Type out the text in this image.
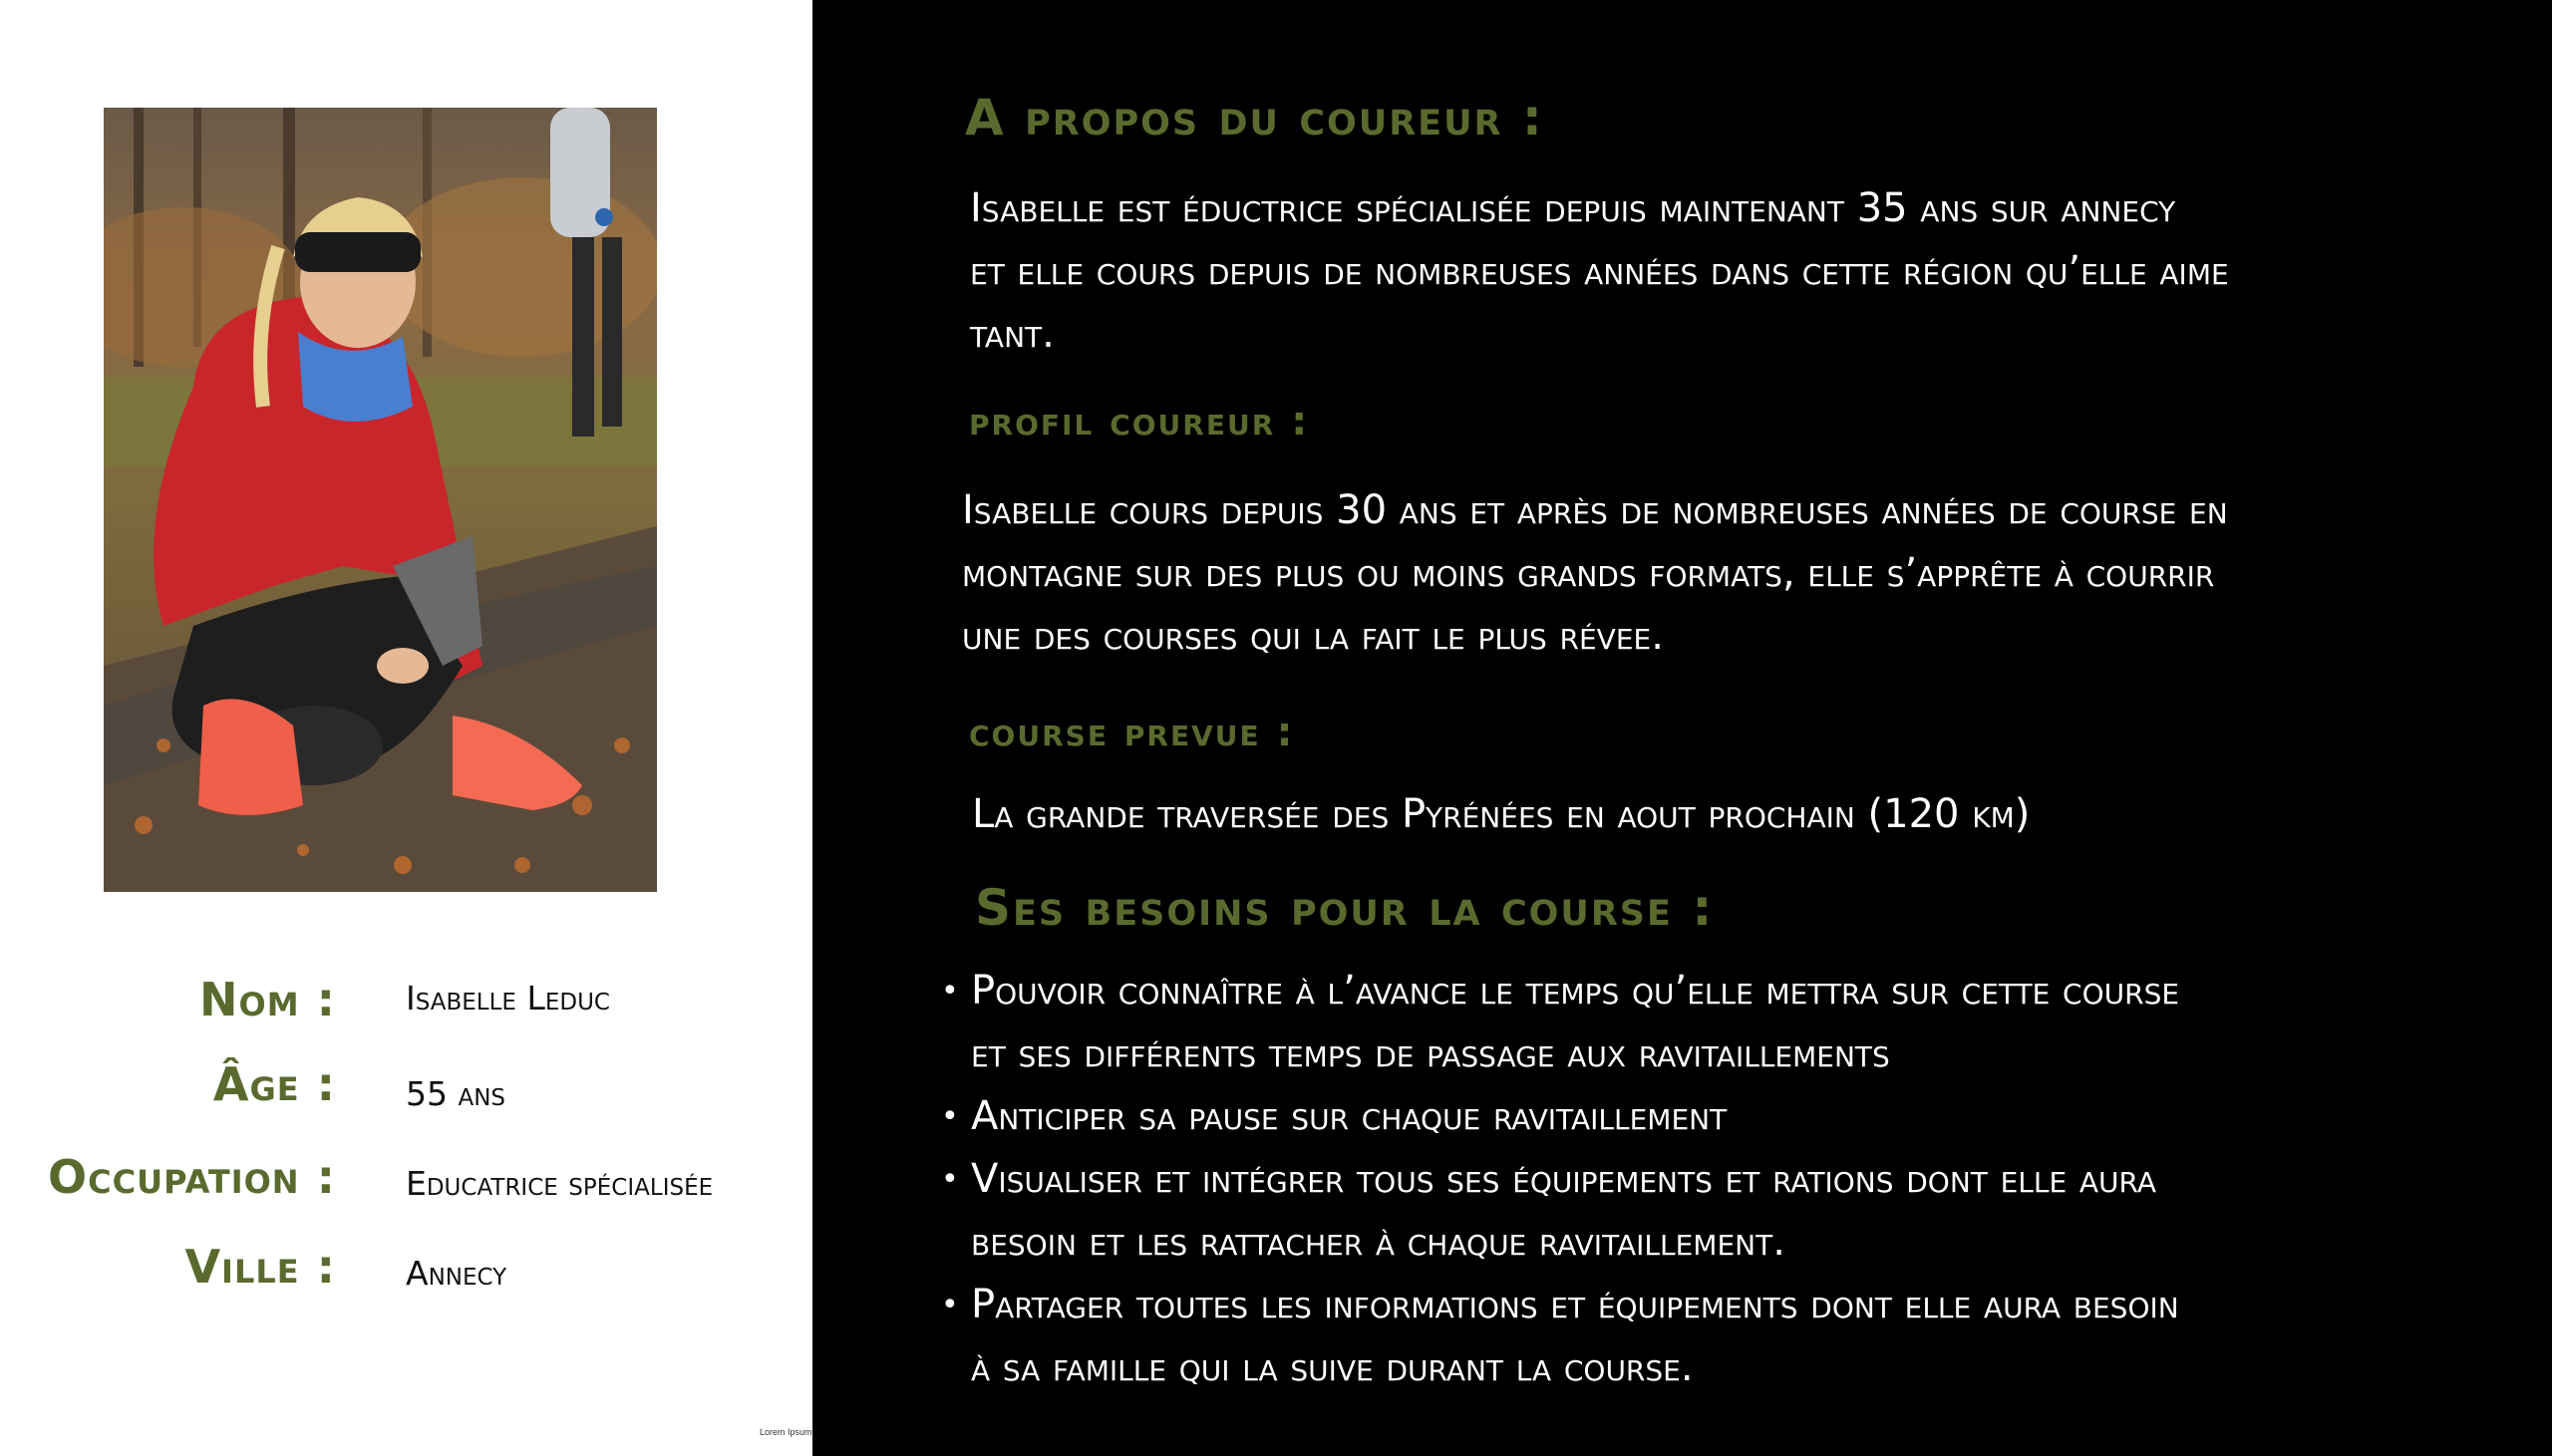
Nom : Isabelle Leduc
Âge : 55 ans
Occupation : Educatrice spécialisée
Ville : Annecy
Lorem Ipsum
A propos du coureur :
Isabelle est éductrice spécialisée depuis maintenant 35 ans sur annecy
et elle cours depuis de nombreuses années dans cette région qu’elle aime
tant.
profil coureur :
Isabelle cours depuis 30 ans et après de nombreuses années de course en
montagne sur des plus ou moins grands formats, elle s’apprête à courrir
une des courses qui la fait le plus révee.
course prevue :
La grande traversée des Pyrénées en aout prochain (120 km)
Ses besoins pour la course :
• Pouvoir connaître à l’avance le temps qu’elle mettra sur cette course
et ses différents temps de passage aux ravitaillements
• Anticiper sa pause sur chaque ravitaillement
• Visualiser et intégrer tous ses équipements et rations dont elle aura
besoin et les rattacher à chaque ravitaillement.
• Partager toutes les informations et équipements dont elle aura besoin
à sa famille qui la suive durant la course.
